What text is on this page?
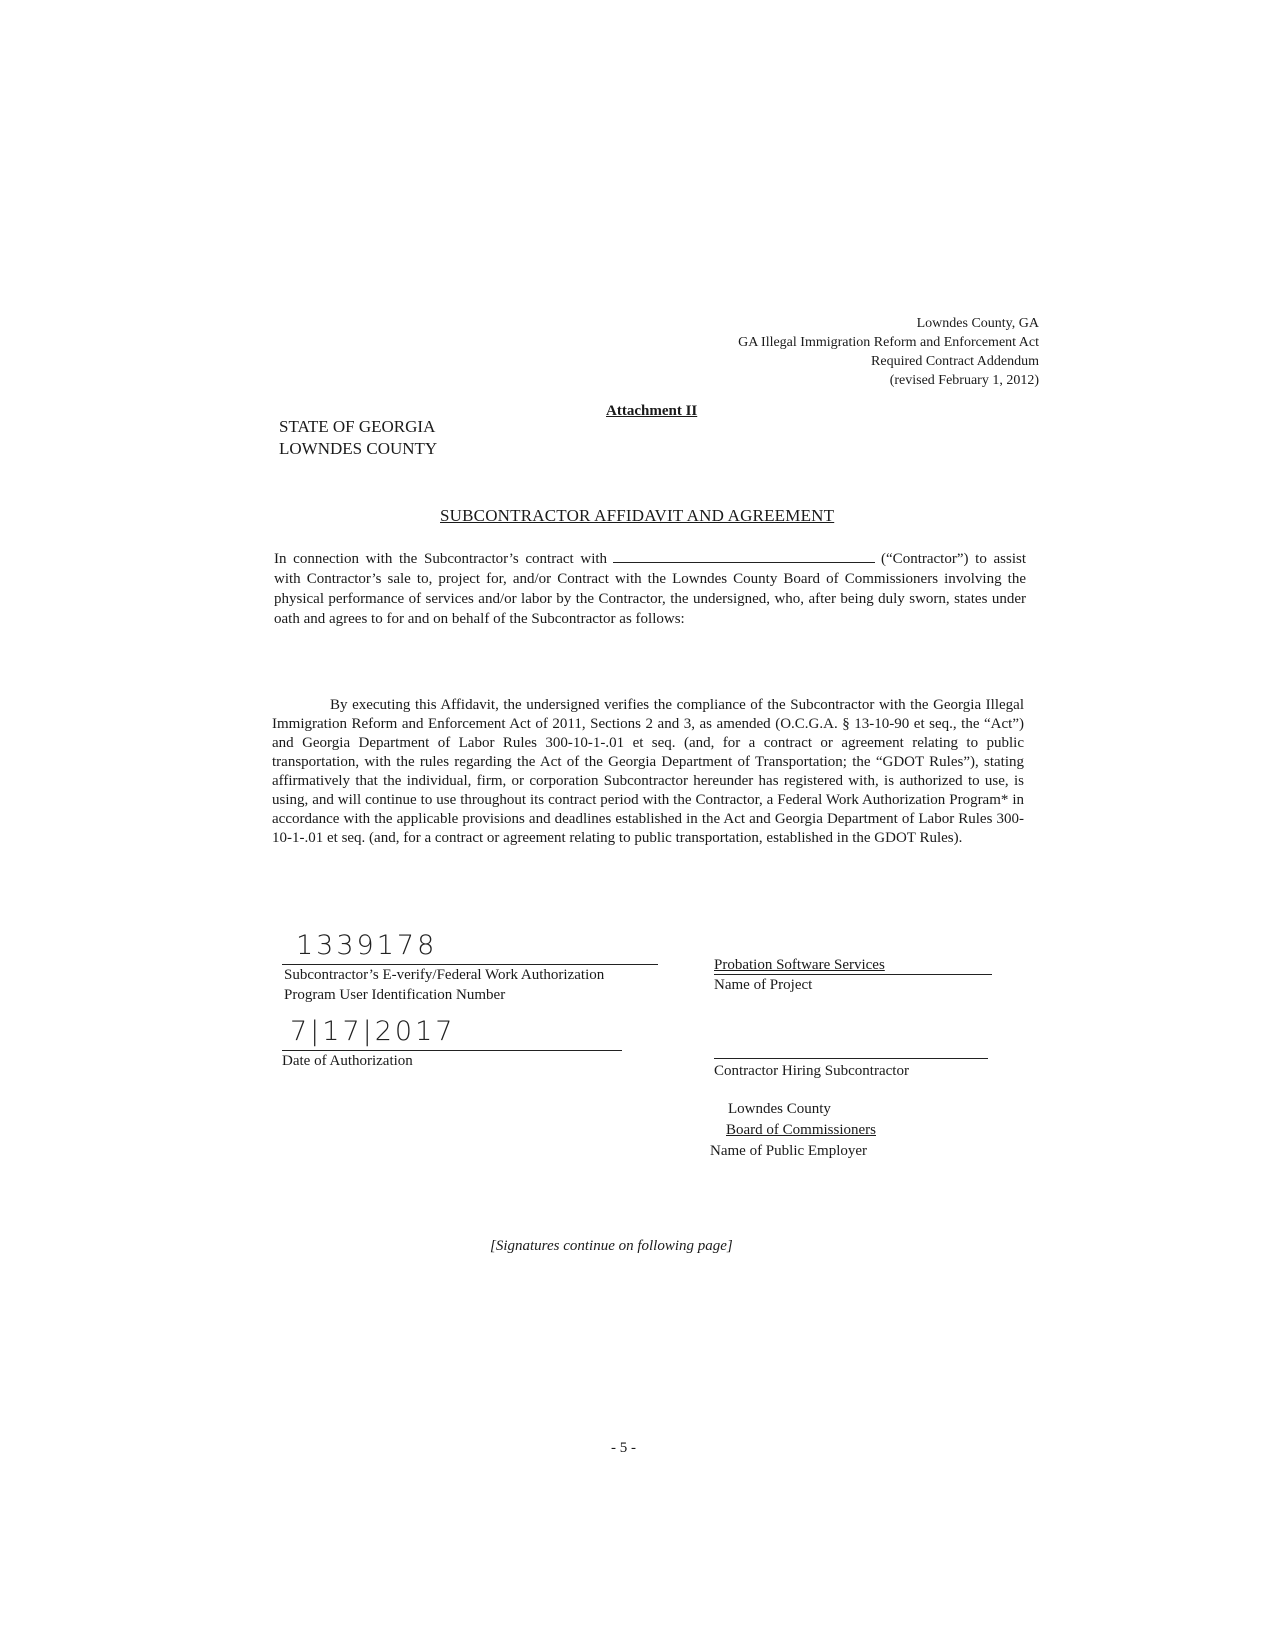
Lowndes County, GA
GA Illegal Immigration Reform and Enforcement Act
Required Contract Addendum
(revised February 1, 2012)
Attachment II
STATE OF GEORGIA
LOWNDES COUNTY
SUBCONTRACTOR AFFIDAVIT AND AGREEMENT
In connection with the Subcontractor’s contract with	(“Contractor”) to assist with Contractor’s sale to, project for, and/or Contract with the Lowndes County Board of Commissioners involving the physical performance of services and/or labor by the Contractor, the undersigned, who, after being duly sworn, states under oath and agrees to for and on behalf of the Subcontractor as follows:
By executing this Affidavit, the undersigned verifies the compliance of the Subcontractor with the Georgia Illegal Immigration Reform and Enforcement Act of 2011, Sections 2 and 3, as amended (O.C.G.A. § 13-10-90 et seq., the “Act”) and Georgia Department of Labor Rules 300-10-1-.01 et seq. (and, for a contract or agreement relating to public transportation, with the rules regarding the Act of the Georgia Department of Transportation; the “GDOT Rules”), stating affirmatively that the individual, firm, or corporation Subcontractor hereunder has registered with, is authorized to use, is using, and will continue to use throughout its contract period with the Contractor, a Federal Work Authorization Program* in accordance with the applicable provisions and deadlines established in the Act and Georgia Department of Labor Rules 300-10-1-.01 et seq. (and, for a contract or agreement relating to public transportation, established in the GDOT Rules).
1339178
Subcontractor’s E-verify/Federal Work Authorization
Program User Identification Number
7|17|2017
Date of Authorization
Probation Software Services
Name of Project
Contractor Hiring Subcontractor
Lowndes County
Board of Commissioners
Name of Public Employer
[Signatures continue on following page]
- 5 -
